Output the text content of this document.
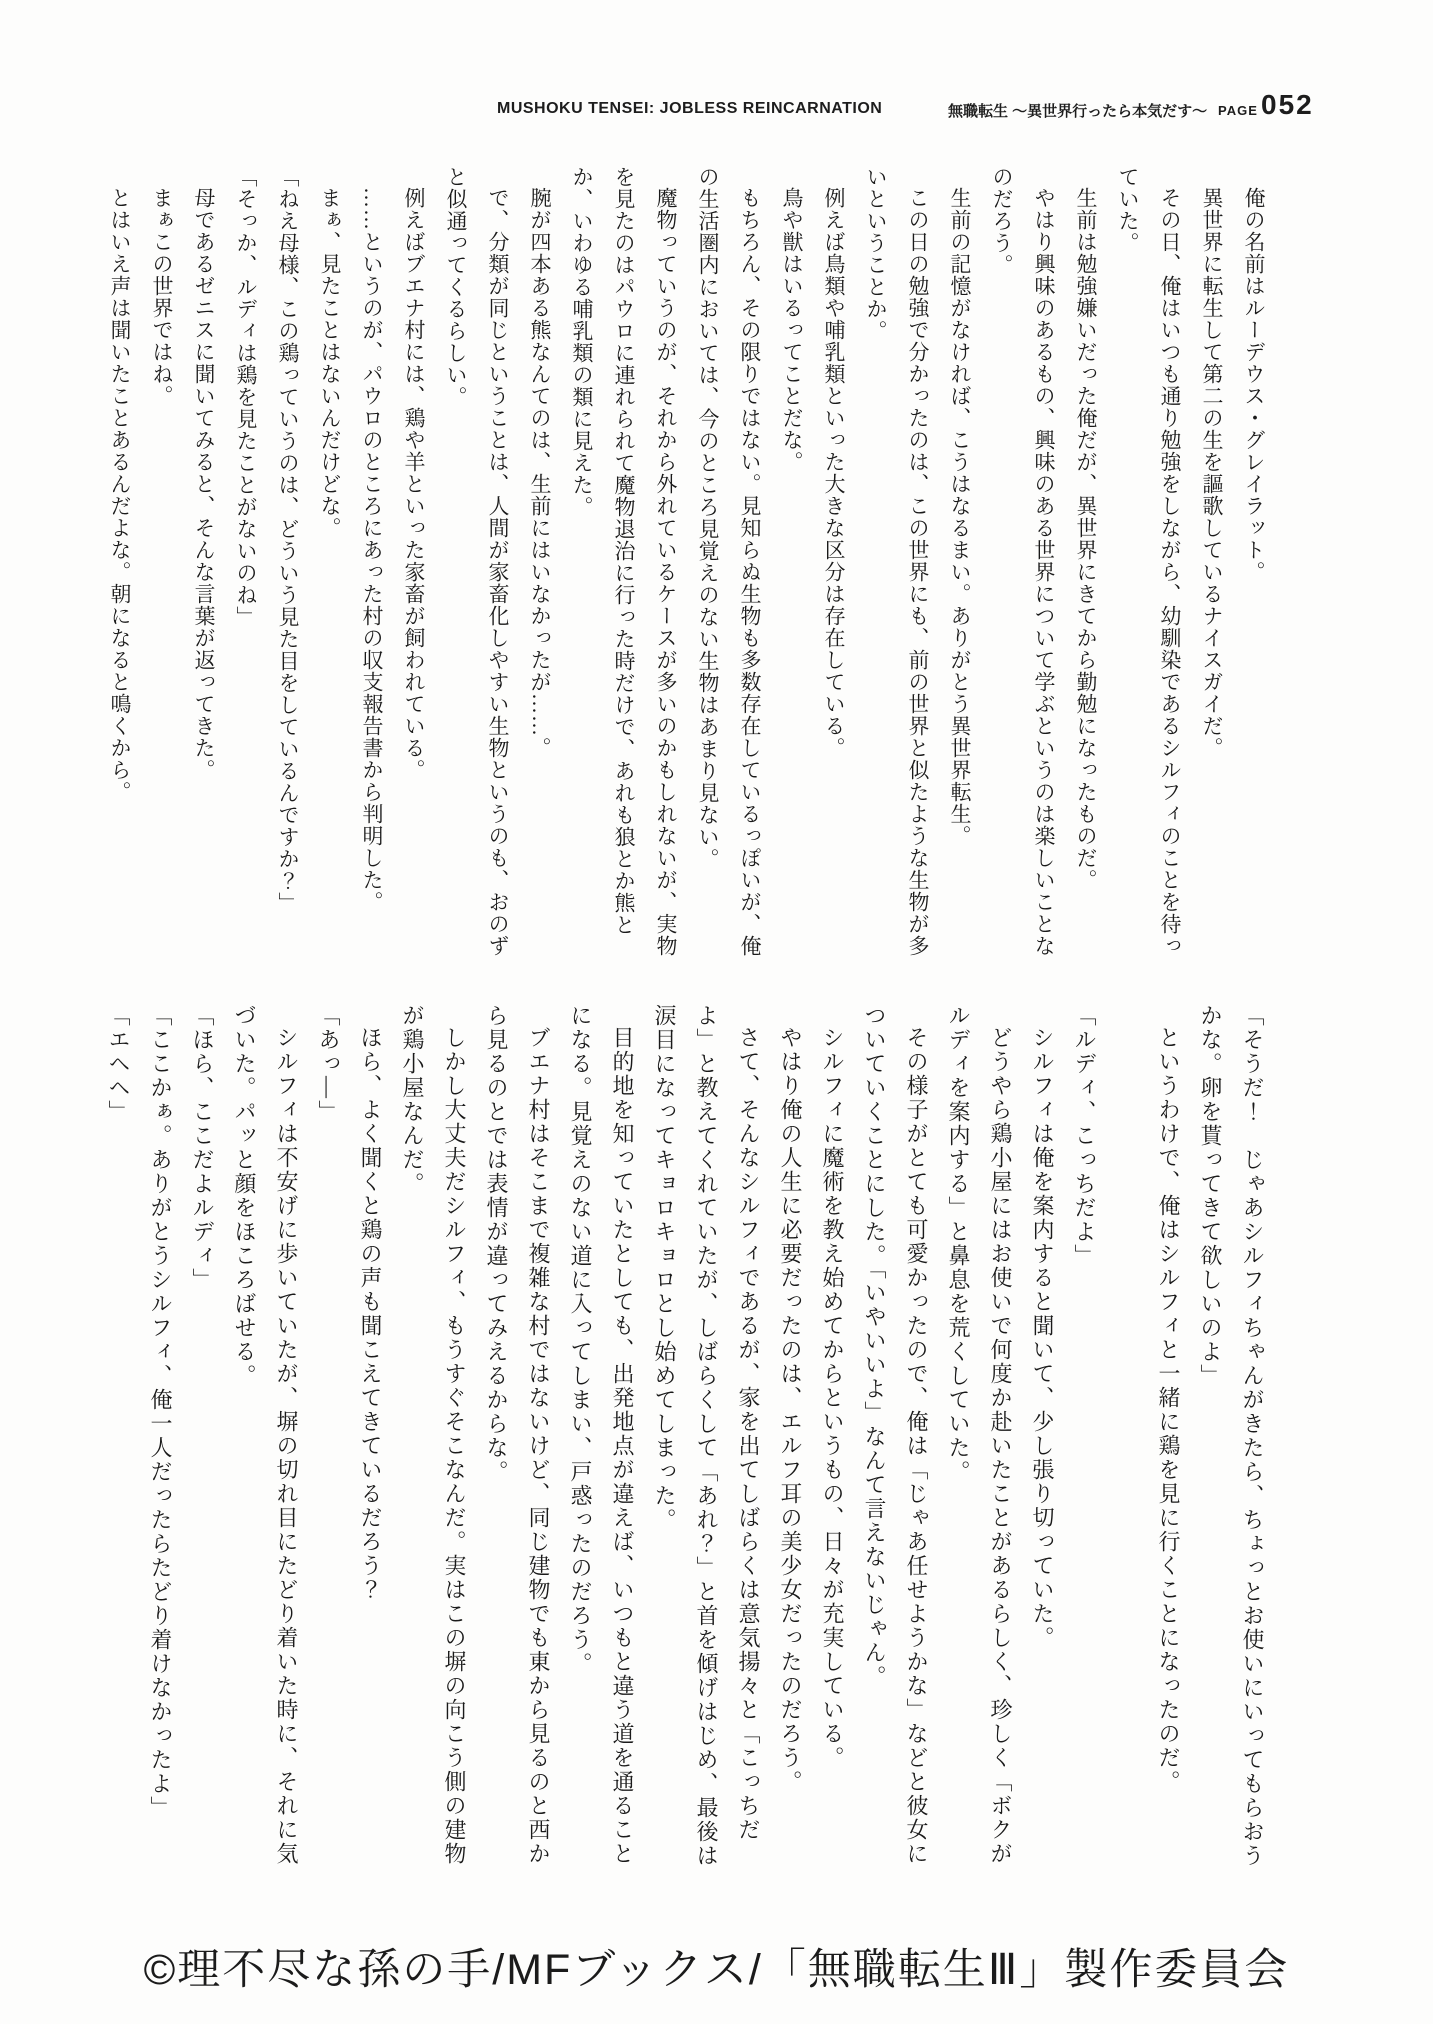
MUSHOKU TENSEI: JOBLESS REINCARNATION	無職転生 ～異世界行ったら本気だす～ PAGE 052

俺の名前はルーデウス・グレイラット。

異世界に転生して第二の生を謳歌しているナイスガイだ。

その日、俺はいつも通り勉強をしながら、幼馴染であるシルフィのことを待っていた。

生前は勉強嫌いだった俺だが、異世界にきてから勤勉になったものだ。

やはり興味のあるもの、興味のある世界について学ぶというのは楽しいことなのだろう。

生前の記憶がなければ、こうはなるまい。ありがとう異世界転生。

この日の勉強で分かったのは、この世界にも、前の世界と似たような生物が多いということか。

例えば鳥類や哺乳類といった大きな区分は存在している。

鳥や獣はいるってことだな。

もちろん、その限りではない。見知らぬ生物も多数存在しているっぽいが、俺の生活圏内においては、今のところ見覚えのない生物はあまり見ない。

魔物っていうのが、それから外れているケースが多いのかもしれないが、実物を見たのはパウロに連れられて魔物退治に行った時だけで、あれも狼とか熊とか、いわゆる哺乳類の類に見えた。

腕が四本ある熊なんてのは、生前にはいなかったが……。

で、分類が同じということは、人間が家畜化しやすい生物というのも、おのずと似通ってくるらしい。

例えばブエナ村には、鶏や羊といった家畜が飼われている。

……というのが、パウロのところにあった村の収支報告書から判明した。

まぁ、見たことはないんだけどな。

「ねえ母様、この鶏っていうのは、どういう見た目をしているんですか？」

「そっか、ルディは鶏を見たことがないのね」

母であるゼニスに聞いてみると、そんな言葉が返ってきた。

まぁこの世界ではね。

とはいえ声は聞いたことあるんだよな。朝になると鳴くから。

「そうだ！　じゃあシルフィちゃんがきたら、ちょっとお使いにいってもらおうかな。卵を貰ってきて欲しいのよ」

というわけで、俺はシルフィと一緒に鶏を見に行くことになったのだ。

「ルディ、こっちだよ」

シルフィは俺を案内すると聞いて、少し張り切っていた。

どうやら鶏小屋にはお使いで何度か赴いたことがあるらしく、珍しく「ボクがルディを案内する」と鼻息を荒くしていた。

その様子がとても可愛かったので、俺は「じゃあ任せようかな」などと彼女についていくことにした。「いやいいよ」なんて言えないじゃん。

シルフィに魔術を教え始めてからというもの、日々が充実している。

やはり俺の人生に必要だったのは、エルフ耳の美少女だったのだろう。

さて、そんなシルフィであるが、家を出てしばらくは意気揚々と「こっちだよ」と教えてくれていたが、しばらくして「あれ？」と首を傾げはじめ、最後は涙目になってキョロキョロとし始めてしまった。

目的地を知っていたとしても、出発地点が違えば、いつもと違う道を通ることになる。見覚えのない道に入ってしまい、戸惑ったのだろう。

ブエナ村はそこまで複雑な村ではないけど、同じ建物でも東から見るのと西から見るのとでは表情が違ってみえるからな。

しかし大丈夫だシルフィ、もうすぐそこなんだ。実はこの塀の向こう側の建物が鶏小屋なんだ。

ほら、よく聞くと鶏の声も聞こえてきているだろう？

「あっ―」

シルフィは不安げに歩いていたが、塀の切れ目にたどり着いた時に、それに気づいた。パッと顔をほころばせる。

「ほら、ここだよルディ」

「ここかぁ。ありがとうシルフィ、俺一人だったらたどり着けなかったよ」

「エヘヘ」

©理不尽な孫の手/MFブックス/「無職転生Ⅲ」製作委員会
